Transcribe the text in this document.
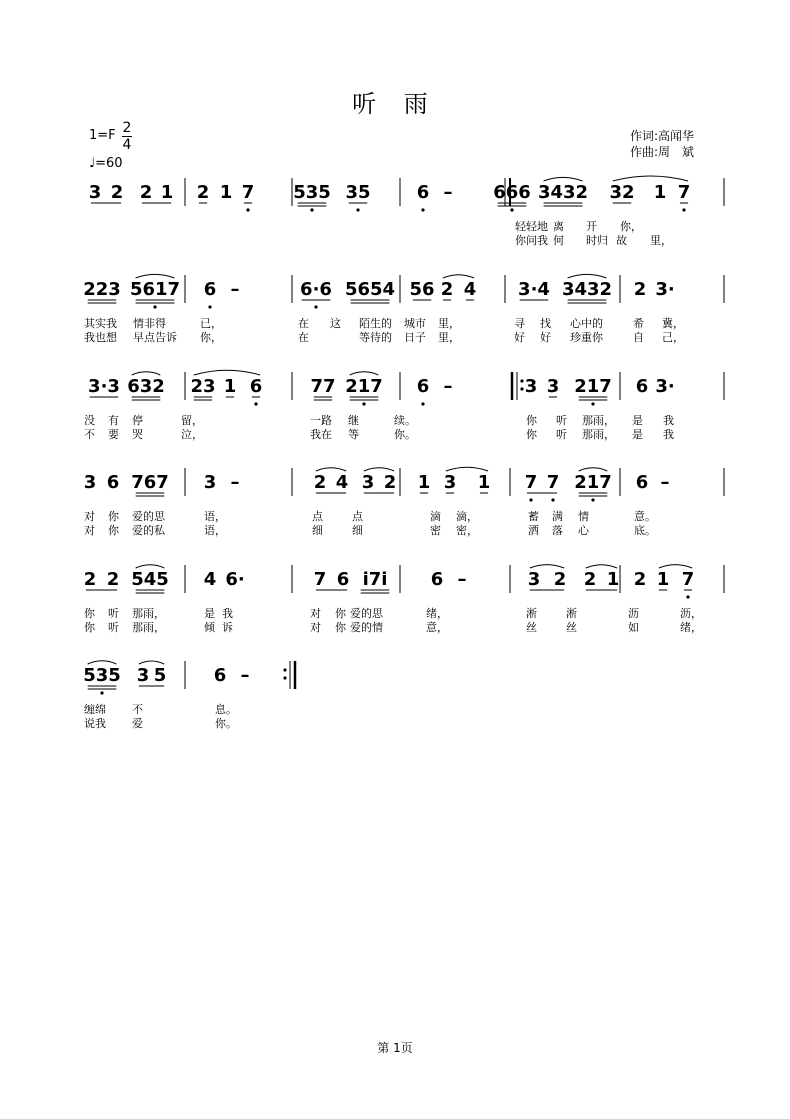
听 雨
1=F 2
4
♩=60
作词:高闻华
作曲:周　斌
3 2 2 1 2 1 7 535 35	6 – 666 3432 32 1 7
轻轻地 离 开 你，
你问我 何 时归 故 里，
223 5617 6 –	6·6 5654 56 2 4 3·4 3432 2 3·
其实我 情非得	已，	在 这 陌生的 城市 里，	寻 找 心中的	希 冀，
我也想 早点告诉 你，	在	等待的 日子 里，	好 好 珍重你	自 己，
3·3 632 23 1 6	77 217 6 –	3 3 217 6 3·
没 有 停	留，	一路 继	续。	你 听 那雨， 是 我
不 要 哭	泣，	我在 等	你。	你 听 那雨， 是 我
3 6 767 3 –	2 4 3 2 1 3 1 7 7 217 6 –
对 你 爱的思	语，	点	点	滴 滴，	蓄 满 情	意。
对 你 爱的私	语，	细	细	密 密，	洒 落 心	底。
2 2 545 4 6·	7 6 i7i 6 –	3 2 2 1 2 1 7
你 听 那雨，	是 我	对 你 爱的思	绪，	淅	淅	沥	沥，
你 听 那雨，	倾 诉	对 你 爱的情	意，	丝	丝	如	绪，
535 3 5	6 –
缠绵 不	息。
说我 爱	你。
第 1页
